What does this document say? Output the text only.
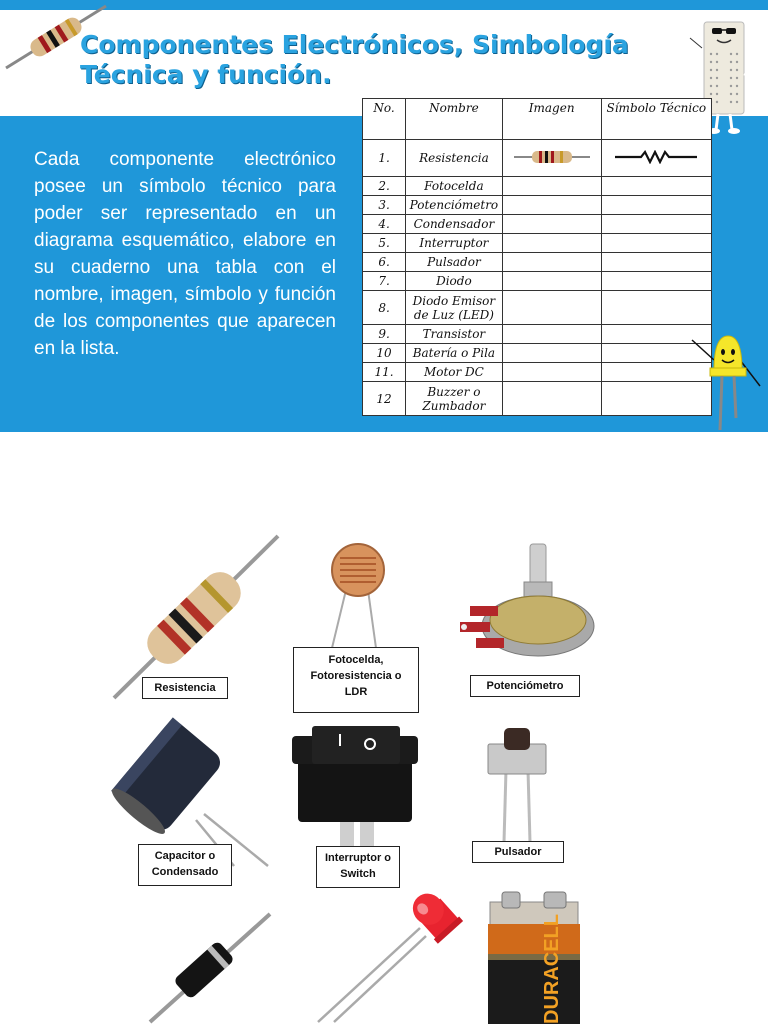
Componentes Electrónicos, Simbología
Técnica y función.

Cada componente electrónico posee un símbolo técnico para poder ser representado en un diagrama esquemático, elabore en su cuaderno una tabla con el nombre, imagen, símbolo y función de los componentes que aparecen en la lista.

No.	Nombre	Imagen	Símbolo Técnico
1.	Resistencia		
2.	Fotocelda		
3.	Potenciómetro		
4.	Condensador		
5.	Interruptor		
6.	Pulsador		
7.	Diodo		
8.	Diodo Emisor de Luz (LED)		
9.	Transistor		
10	Batería o Pila		
11.	Motor DC		
12	Buzzer o Zumbador		
Resistencia
Fotocelda, Fotoresistencia o LDR	Potenciómetro
Capacitor o Condensado
Interruptor o Switch
Pulsador
DURACELL
